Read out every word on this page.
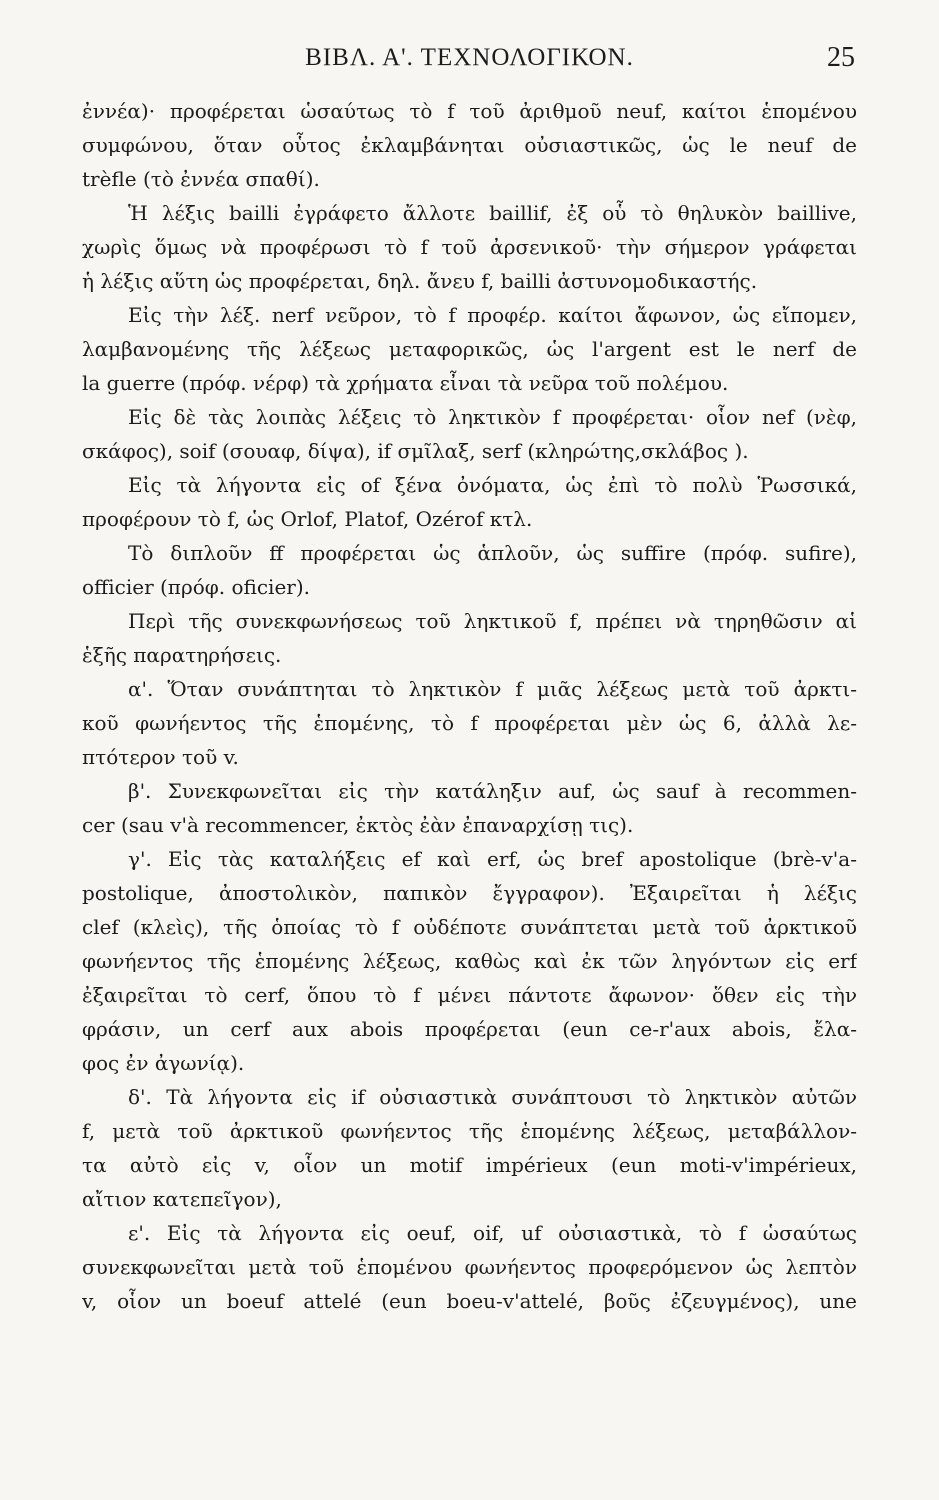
ΒΙΒΛ. Α'. ΤΕΧΝΟΛΟΓΙΚΟΝ.	25
ἐννέα)· προφέρεται ὡσαύτως τὸ f τοῦ ἀριθμοῦ neuf, καίτοι ἑπομένου
συμφώνου, ὅταν οὗτος ἐκλαμβάνηται οὐσιαστικῶς, ὡς le neuf de
trèfle (τὸ ἐννέα σπαθί).
Ἡ λέξις bailli ἐγράφετο ἄλλοτε baillif, ἐξ οὗ τὸ θηλυκὸν baillive,
χωρὶς ὅμως νὰ προφέρωσι τὸ f τοῦ ἀρσενικοῦ· τὴν σήμερον γράφεται
ἡ λέξις αὕτη ὡς προφέρεται, δηλ. ἄνευ f, bailli ἀστυνομοδικαστής.
Εἰς τὴν λέξ. nerf νεῦρον, τὸ f προφέρ. καίτοι ἄφωνον, ὡς εἴπομεν,
λαμβανομένης τῆς λέξεως μεταφορικῶς, ὡς l'argent est le nerf de
la guerre (πρόφ. νέρφ) τὰ χρήματα εἶναι τὰ νεῦρα τοῦ πολέμου.
Εἰς δὲ τὰς λοιπὰς λέξεις τὸ ληκτικὸν f προφέρεται· οἷον nef (νὲφ,
σκάφος), soif (σουαφ, δίψα), if σμῖλαξ, serf (κληρώτης,σκλάβος ).
Εἰς τὰ λήγοντα εἰς of ξένα ὀνόματα, ὡς ἐπὶ τὸ πολὺ Ῥωσσικά,
προφέρουν τὸ f, ὡς Orlof, Platof, Ozérof κτλ.
Τὸ διπλοῦν ff προφέρεται ὡς ἁπλοῦν, ὡς suffire (πρόφ. sufire),
officier (πρόφ. oficier).
Περὶ τῆς συνεκφωνήσεως τοῦ ληκτικοῦ f, πρέπει νὰ τηρηθῶσιν αἱ
ἑξῆς παρατηρήσεις.
α'. Ὅταν συνάπτηται τὸ ληκτικὸν f μιᾶς λέξεως μετὰ τοῦ ἀρκτι-
κοῦ φωνήεντος τῆς ἑπομένης, τὸ f προφέρεται μὲν ὡς 6, ἀλλὰ λε-
πτότερον τοῦ v.
β'. Συνεκφωνεῖται εἰς τὴν κατάληξιν auf, ὡς sauf à recommen-
cer (sau v'à recommencer, ἐκτὸς ἐὰν ἐπαναρχίσῃ τις).
γ'. Εἰς τὰς καταλήξεις ef καὶ erf, ὡς bref apostolique (brè-v'a-
postolique, ἀποστολικὸν, παπικὸν ἔγγραφον). Ἐξαιρεῖται ἡ λέξις
clef (κλεὶς), τῆς ὁποίας τὸ f οὐδέποτε συνάπτεται μετὰ τοῦ ἀρκτικοῦ
φωνήεντος τῆς ἑπομένης λέξεως, καθὼς καὶ ἐκ τῶν ληγόντων εἰς erf
ἐξαιρεῖται τὸ cerf, ὅπου τὸ f μένει πάντοτε ἄφωνον· ὅθεν εἰς τὴν
φράσιν, un cerf aux abois προφέρεται (eun ce-r'aux abois, ἔλα-
φος ἐν ἀγωνίᾳ).
δ'. Τὰ λήγοντα εἰς if οὐσιαστικὰ συνάπτουσι τὸ ληκτικὸν αὐτῶν
f, μετὰ τοῦ ἀρκτικοῦ φωνήεντος τῆς ἑπομένης λέξεως, μεταβάλλον-
τα αὐτὸ εἰς v, οἷον un motif impérieux (eun moti-v'impérieux,
αἴτιον κατεπεῖγον),
ε'. Εἰς τὰ λήγοντα εἰς oeuf, oif, uf οὐσιαστικὰ, τὸ f ὡσαύτως
συνεκφωνεῖται μετὰ τοῦ ἑπομένου φωνήεντος προφερόμενον ὡς λεπτὸν
v, οἷον un boeuf attelé (eun boeu-v'attelé, βοῦς ἐζευγμένος), une
